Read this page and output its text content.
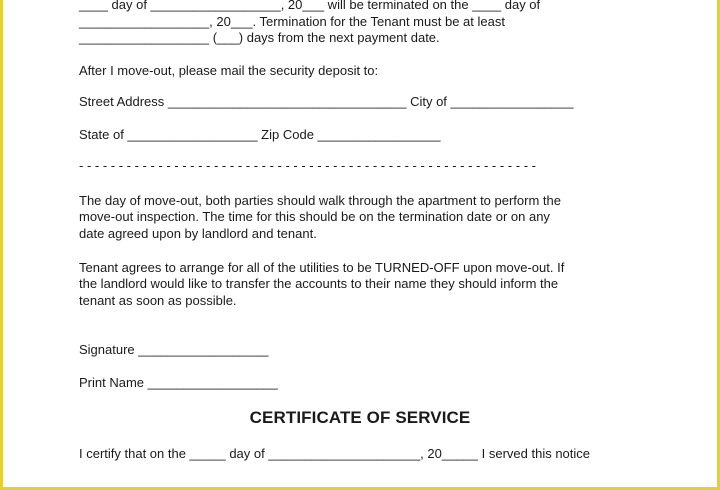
____ day of __________________, 20___ will be terminated on the ____ day of
__________________, 20___. Termination for the Tenant must be at least
__________________ (___) days from the next payment date.
After I move-out, please mail the security deposit to:
Street Address _________________________________ City of _________________
State of __________________ Zip Code _________________
- - - - - - - - - - - - - - - - - - - - - - - - - - - - - - - - - - - - - - - - - - - - - - - - - - - - - - - - - -
The day of move-out, both parties should walk through the apartment to perform the
move-out inspection. The time for this should be on the termination date or on any
date agreed upon by landlord and tenant.
Tenant agrees to arrange for all of the utilities to be TURNED-OFF upon move-out. If
the landlord would like to transfer the accounts to their name they should inform the
tenant as soon as possible.
Signature __________________
Print Name __________________
CERTIFICATE OF SERVICE
I certify that on the _____ day of _____________________, 20_____ I served this notice
